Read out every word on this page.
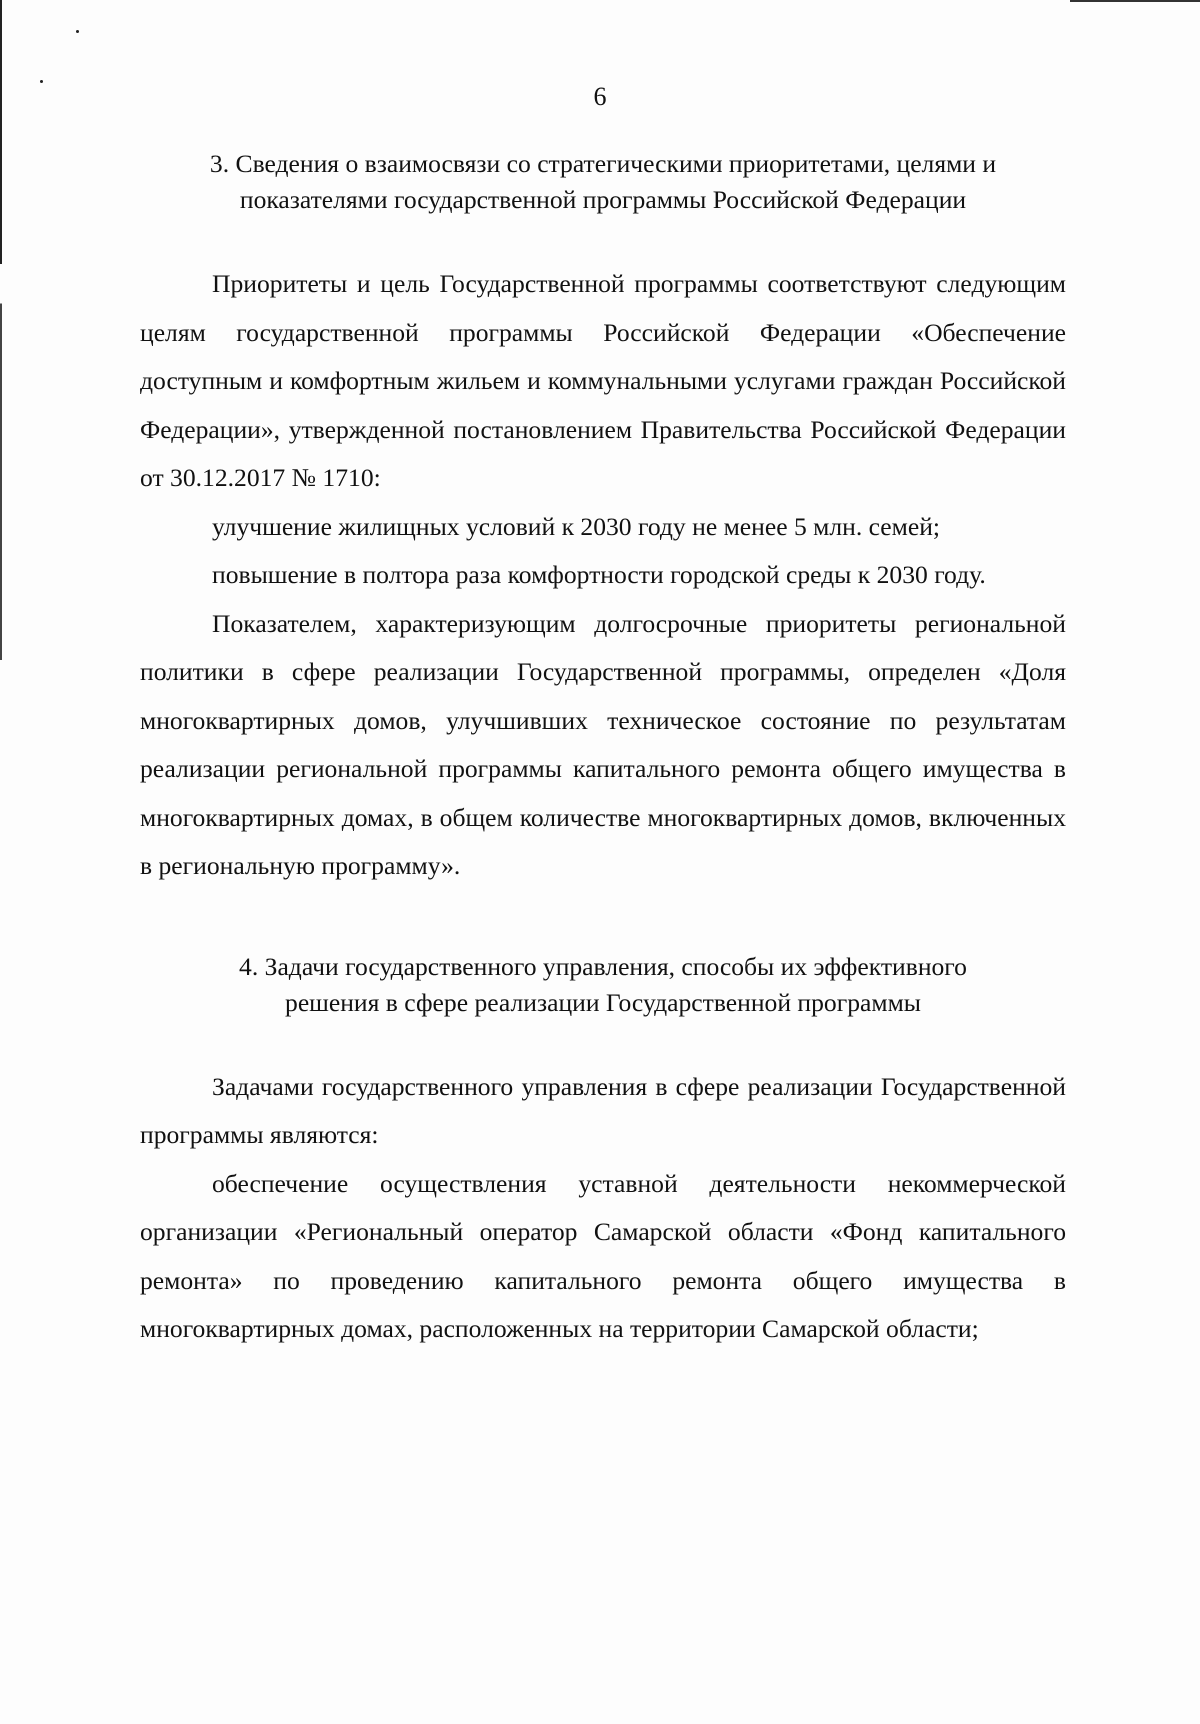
6
3. Сведения о взаимосвязи со стратегическими приоритетами, целями и
показателями государственной программы Российской Федерации

Приоритеты и цель Государственной программы соответствуют следующим целям государственной программы Российской Федерации «Обеспечение доступным и комфортным жильем и коммунальными услугами граждан Российской Федерации», утвержденной постановлением Правительства Российской Федерации от 30.12.2017 № 1710:

улучшение жилищных условий к 2030 году не менее 5 млн. семей;

повышение в полтора раза комфортности городской среды к 2030 году.

Показателем, характеризующим долгосрочные приоритеты региональной политики в сфере реализации Государственной программы, определен «Доля многоквартирных домов, улучшивших техническое состояние по результатам реализации региональной программы капитального ремонта общего имущества в многоквартирных домах, в общем количестве многоквартирных домов, включенных в региональную программу».

4. Задачи государственного управления, способы их эффективного
решения в сфере реализации Государственной программы

Задачами государственного управления в сфере реализации Государственной программы являются:

обеспечение осуществления уставной деятельности некоммерческой организации «Региональный оператор Самарской области «Фонд капитального ремонта» по проведению капитального ремонта общего имущества в многоквартирных домах, расположенных на территории Самарской области;
